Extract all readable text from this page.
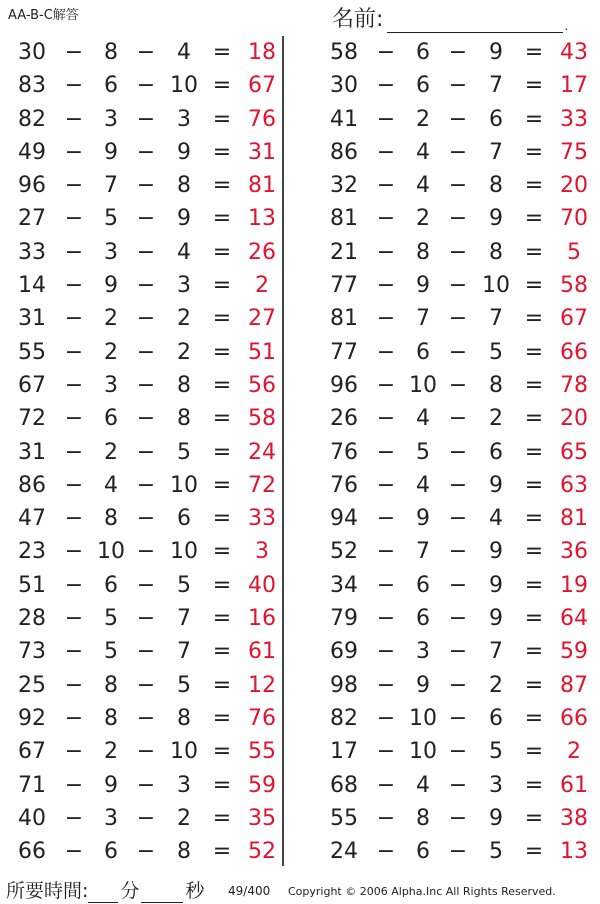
AA-B-C解答	名前:	.
30 − 8 − 4 = 18
83 − 6 − 10 = 67
82 − 3 − 3 = 76
49 − 9 − 9 = 31
96 − 7 − 8 = 81
27 − 5 − 9 = 13
33 − 3 − 4 = 26
14 − 9 − 3 =	2
31 − 2 − 2 = 27
55 − 2 − 2 = 51
67 − 3 − 8 = 56
72 − 6 − 8 = 58
31 − 2 − 5 = 24
86 − 4 − 10 = 72
47 − 8 − 6 = 33
23 − 10 − 10 =	3
51 − 6 − 5 = 40
28 − 5 − 7 = 16
73 − 5 − 7 = 61
25 − 8 − 5 = 12
92 − 8 − 8 = 76
67 − 2 − 10 = 55
71 − 9 − 3 = 59
40 − 3 − 2 = 35
66 − 6 − 8 = 52
58 − 6 − 9 = 43
30 − 6 − 7 = 17
41 − 2 − 6 = 33
86 − 4 − 7 = 75
32 − 4 − 8 = 20
81 − 2 − 9 = 70
21 − 8 − 8 =	5
77 − 9 − 10 = 58
81 − 7 − 7 = 67
77 − 6 − 5 = 66
96 − 10 − 8 = 78
26 − 4 − 2 = 20
76 − 5 − 6 = 65
76 − 4 − 9 = 63
94 − 9 − 4 = 81
52 − 7 − 9 = 36
34 − 6 − 9 = 19
79 − 6 − 9 = 64
69 − 3 − 7 = 59
98 − 9 − 2 = 87
82 − 10 − 6 = 66
17 − 10 − 5 =	2
68 − 4 − 3 = 61
55 − 8 − 9 = 38
24 − 6 − 5 = 13
所要時間: 分 秒 49/400 Copyright © 2006 Alpha.Inc All Rights Reserved.
